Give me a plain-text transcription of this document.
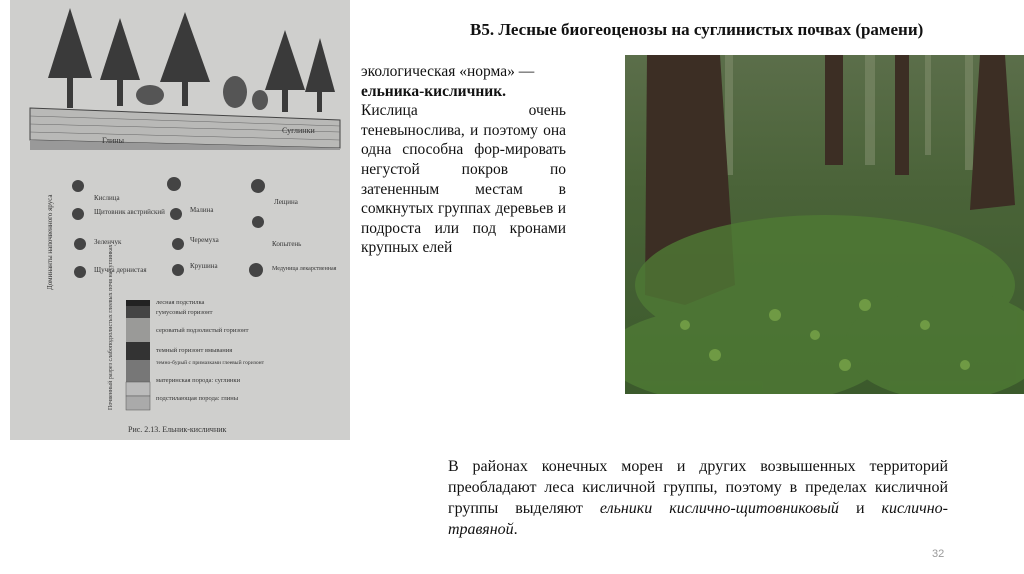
Глины
Суглинки
Доминанты напочвенного яруса	Кислица
Щитовник австрийский
Зеленчук
Щучка дернистая
Малина
Черемуха
Крушина
Лещина
Копытень
Медуница лекарственная
Почвенный разрез слабоподзолистых глеевых почв на суглинках	лесная подстилка
гумусовый горизонт
сероватый подзолистый горизонт
темный горизонт вмывания
темно-бурый с примазками глеевый горизонт
материнская порода: суглинки
подстилающая порода: глины
Рис. 2.13. Ельник-кисличник
В5. Лесные биогеоценозы на суглинистых почвах (рамени)

экологическая «норма» —

ельника-кисличник.

Кислица очень теневынослива, и поэтому она одна способна фор-мировать негустой покров по затененным местам в сомкнутых группах деревьев и подроста или под кронами крупных елей

В районах конечных морен и других возвышенных территорий преобладают леса кисличной группы, поэтому в пределах кисличной группы выделяют ельники кислично-щитовниковый и кислично-травяной.

32
